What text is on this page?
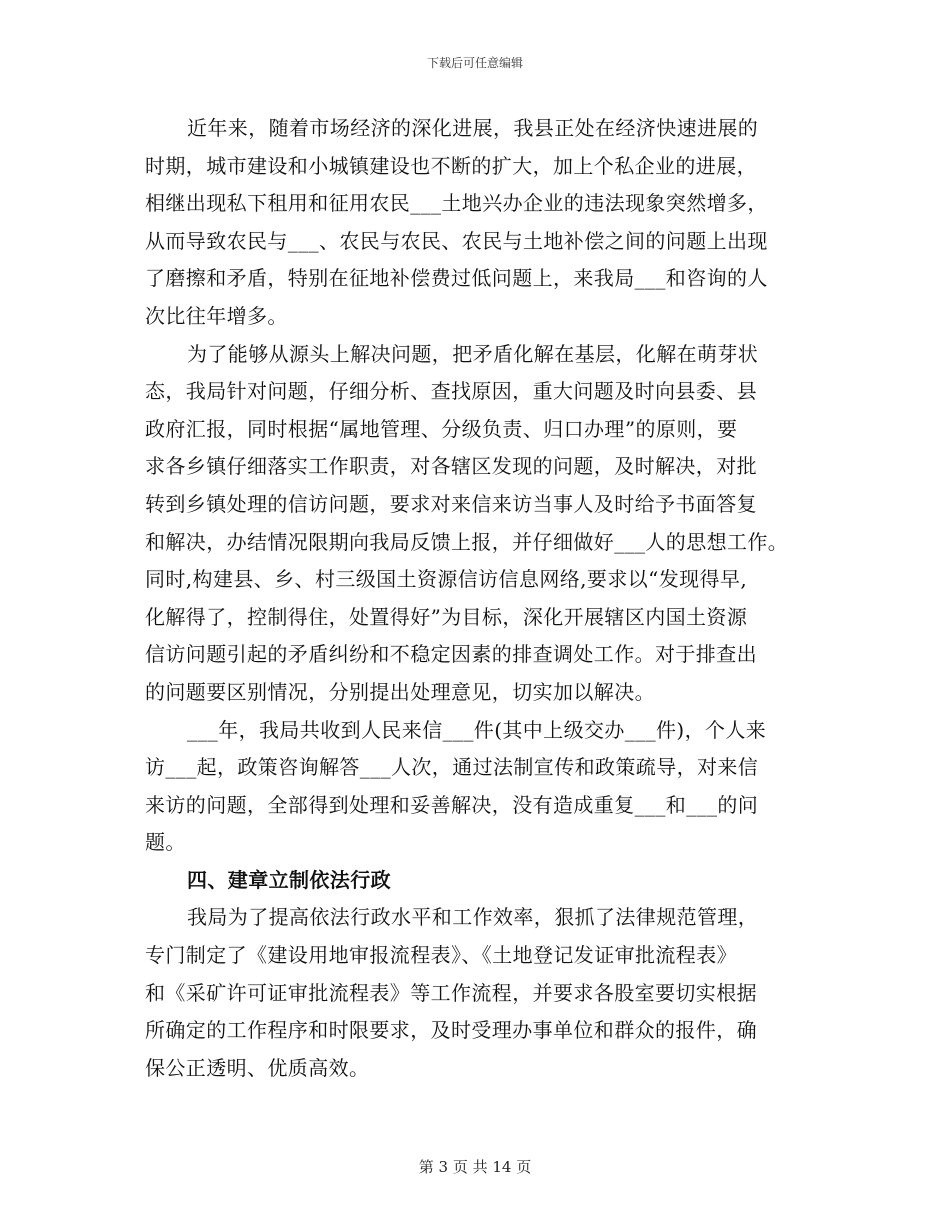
下载后可任意编辑
近年来，随着市场经济的深化进展，我县正处在经济快速进展的
时期，城市建设和小城镇建设也不断的扩大，加上个私企业的进展，
相继出现私下租用和征用农民___土地兴办企业的违法现象突然增多，
从而导致农民与___、农民与农民、农民与土地补偿之间的问题上出现
了磨擦和矛盾，特别在征地补偿费过低问题上，来我局___和咨询的人
次比往年增多。
为了能够从源头上解决问题，把矛盾化解在基层，化解在萌芽状
态，我局针对问题，仔细分析、查找原因，重大问题及时向县委、县
政府汇报，同时根据“属地管理、分级负责、归口办理”的原则，要
求各乡镇仔细落实工作职责，对各辖区发现的问题，及时解决，对批
转到乡镇处理的信访问题，要求对来信来访当事人及时给予书面答复
和解决，办结情况限期向我局反馈上报，并仔细做好___人的思想工作。
同时,构建县、乡、村三级国土资源信访信息网络,要求以“发现得早,
化解得了，控制得住，处置得好”为目标，深化开展辖区内国土资源
信访问题引起的矛盾纠纷和不稳定因素的排查调处工作。对于排查出
的问题要区别情况，分别提出处理意见，切实加以解决。
___年，我局共收到人民来信___件(其中上级交办___件)，个人来
访___起，政策咨询解答___人次，通过法制宣传和政策疏导，对来信
来访的问题，全部得到处理和妥善解决，没有造成重复___和___的问
题。
四、建章立制依法行政
我局为了提高依法行政水平和工作效率，狠抓了法律规范管理，
专门制定了《建设用地审报流程表》、《土地登记发证审批流程表》
和《采矿许可证审批流程表》等工作流程，并要求各股室要切实根据
所确定的工作程序和时限要求，及时受理办事单位和群众的报件，确
保公正透明、优质高效。
第 3 页 共 14 页
